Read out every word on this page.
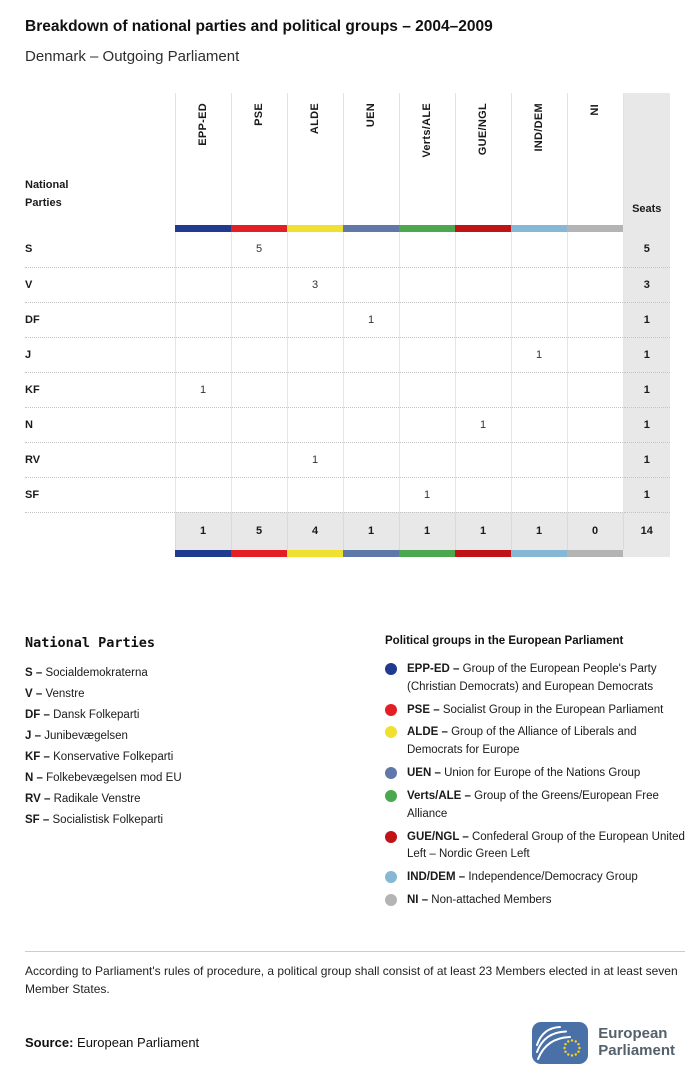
Breakdown of national parties and political groups – 2004–2009
Denmark – Outgoing Parliament
National
Parties	EPP-ED	PSE	ALDE	UEN	Verts/ALE	GUE/NGL	IND/DEM	NI	Seats

S		5							5
V			3						3
DF				1					1
J							1		1
KF	1								1
N						1			1
RV			1						1
SF					1				1
	1	5	4	1	1	1	1	0	14

National Parties
S – Socialdemokraterna
V – Venstre
DF – Dansk Folkeparti
J – Junibevægelsen
KF – Konservative Folkeparti
N – Folkebevægelsen mod EU
RV – Radikale Venstre
SF – Socialistisk Folkeparti
Political groups in the European Parliament
EPP-ED – Group of the European People's Party (Christian Democrats) and European Democrats
PSE – Socialist Group in the European Parliament
ALDE – Group of the Alliance of Liberals and Democrats for Europe
UEN – Union for Europe of the Nations Group
Verts/ALE – Group of the Greens/European Free Alliance
GUE/NGL – Confederal Group of the European United Left – Nordic Green Left
IND/DEM – Independence/Democracy Group
NI – Non-attached Members

According to Parliament's rules of procedure, a political group shall consist of at least 23 Members elected in at least seven Member States.

Source: European Parliament
European
Parliament
